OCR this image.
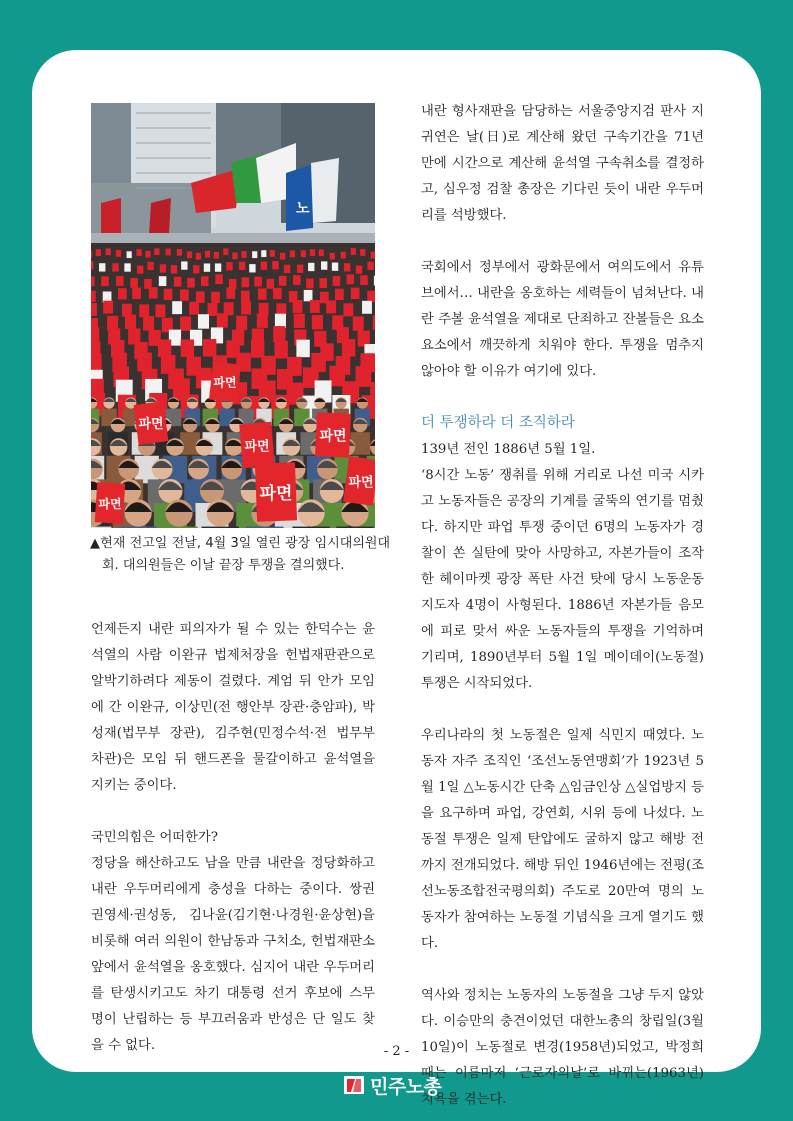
노
파면
파면
파면
파면
파면
파면
파면
▲현재 전고일 전날, 4월 3일 열린 광장 임시대의원대회. 대의원들은 이날 끝장 투쟁을 결의했다.

언제든지 내란 피의자가 될 수 있는 한덕수는 윤석열의 사람 이완규 법제처장을 헌법재판관으로 알박기하려다 제동이 걸렸다. 계엄 뒤 안가 모임에 간 이완규, 이상민(전 행안부 장관·충암파), 박성재(법무부 장관), 김주현(민정수석·전 법무부 차관)은 모임 뒤 핸드폰을 물갈이하고 윤석열을 지키는 중이다.

국민의힘은 어떠한가?
정당을 해산하고도 남을 만큼 내란을 정당화하고 내란 우두머리에게 충성을 다하는 중이다. 쌍권 권영세·권성동, 김나윤(김기현·나경원·윤상현)을 비롯해 여러 의원이 한남동과 구치소, 헌법재판소 앞에서 윤석열을 옹호했다. 심지어 내란 우두머리를 탄생시키고도 차기 대통령 선거 후보에 스무 명이 난립하는 등 부끄러움과 반성은 단 일도 찾을 수 없다.

내란 형사재판을 담당하는 서울중앙지검 판사 지귀연은 날(日)로 계산해 왔던 구속기간을 71년 만에 시간으로 계산해 윤석열 구속취소를 결정하고, 심우정 검찰 총장은 기다린 듯이 내란 우두머리를 석방했다.

국회에서 정부에서 광화문에서 여의도에서 유튜브에서… 내란을 옹호하는 세력들이 넘쳐난다. 내란 주볼 윤석열을 제대로 단죄하고 잔볼들은 요소요소에서 깨끗하게 치워야 한다. 투쟁을 멈추지 않아야 할 이유가 여기에 있다.

더 투쟁하라 더 조직하라

139년 전인 1886년 5월 1일.
‘8시간 노동’ 쟁취를 위해 거리로 나선 미국 시카고 노동자들은 공장의 기계를 굴뚝의 연기를 멈췄다. 하지만 파업 투쟁 중이던 6명의 노동자가 경찰이 쏜 실탄에 맞아 사망하고, 자본가들이 조작한 헤이마켓 광장 폭탄 사건 탓에 당시 노동운동 지도자 4명이 사형된다. 1886년 자본가들 음모에 피로 맞서 싸운 노동자들의 투쟁을 기억하며 기리며, 1890년부터 5월 1일 메이데이(노동절) 투쟁은 시작되었다.

우리나라의 첫 노동절은 일제 식민지 때였다. 노동자 자주 조직인 ‘조선노동연맹회’가 1923년 5월 1일 △노동시간 단축 △임금인상 △실업방지 등을 요구하며 파업, 강연회, 시위 등에 나섰다. 노동절 투쟁은 일제 탄압에도 굴하지 않고 해방 전까지 전개되었다. 해방 뒤인 1946년에는 전평(조선노동조합전국평의회) 주도로 20만여 명의 노동자가 참여하는 노동절 기념식을 크게 열기도 했다.

역사와 정치는 노동자의 노동절을 그냥 두지 않았다. 이승만의 충견이었던 대한노총의 창립일(3월 10일)이 노동절로 변경(1958년)되었고, 박정희 때는 이름마저 ‘근로자의날’로 바뀌는(1963년) 치욕을 겪는다.

- 2 -
민주노총
